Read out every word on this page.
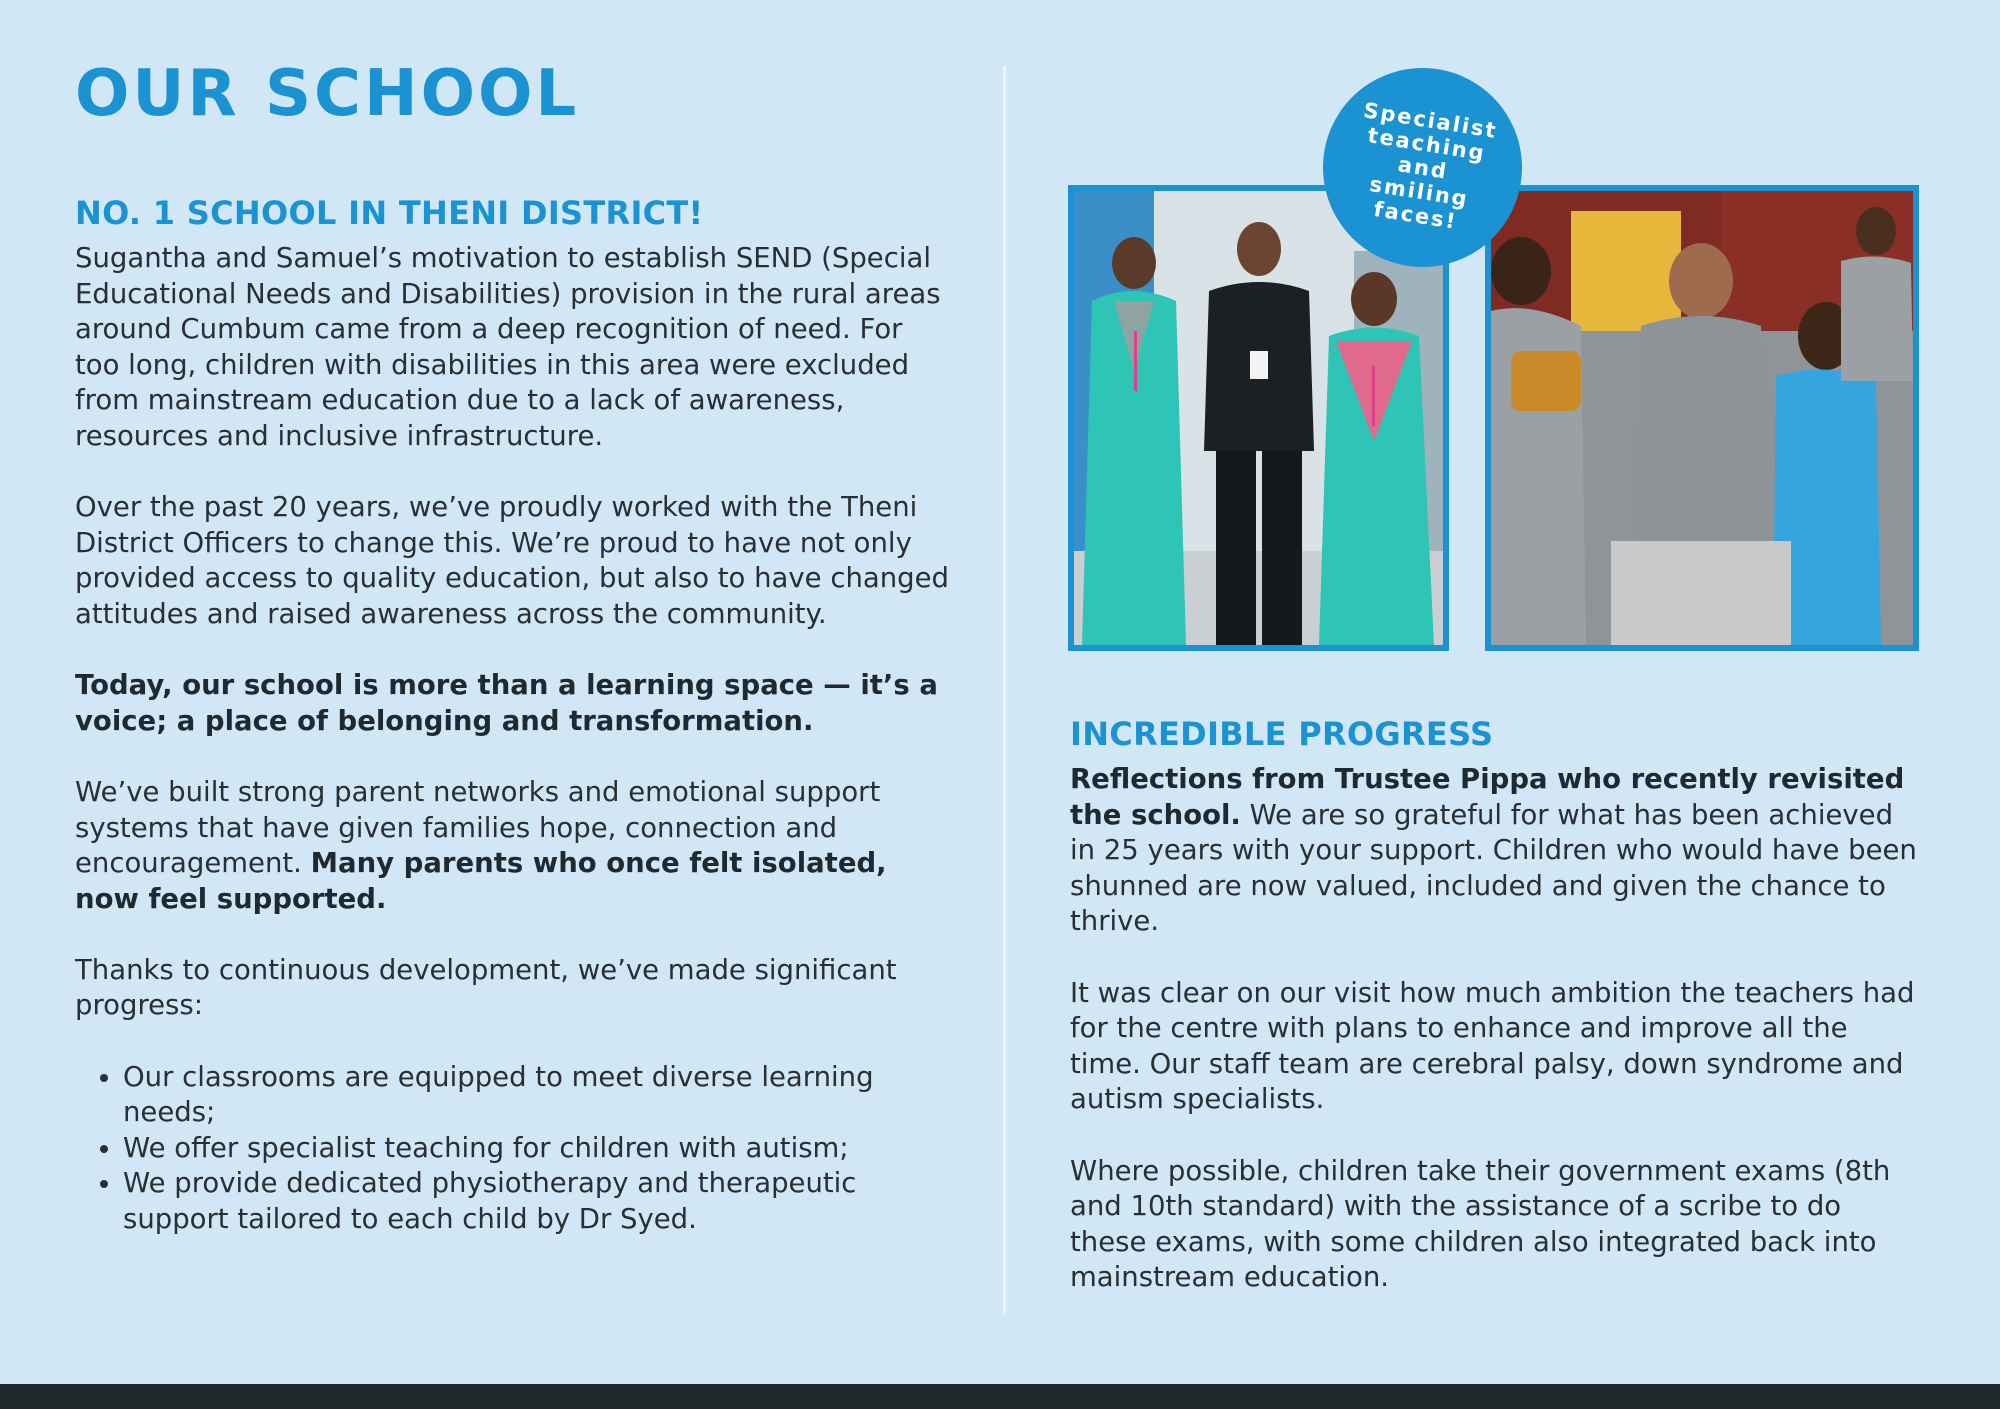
OUR SCHOOL
NO. 1 SCHOOL IN THENI DISTRICT!

Sugantha and Samuel’s motivation to establish SEND (Special Educational Needs and Disabilities) provision in the rural areas around Cumbum came from a deep recognition of need. For too long, children with disabilities in this area were excluded from mainstream education due to a lack of awareness, resources and inclusive infrastructure.

Over the past 20 years, we’ve proudly worked with the Theni District Officers to change this. We’re proud to have not only provided access to quality education, but also to have changed attitudes and raised awareness across the community.

Today, our school is more than a learning space — it’s a voice; a place of belonging and transformation.

We’ve built strong parent networks and emotional support systems that have given families hope, connection and encouragement. Many parents who once felt isolated, now feel supported.

Thanks to continuous development, we’ve made significant progress:

• Our classrooms are equipped to meet diverse learning needs;
• We offer specialist teaching for children with autism;
• We provide dedicated physiotherapy and therapeutic support tailored to each child by Dr Syed.
Specialist teaching and smiling faces!
INCREDIBLE PROGRESS

Reflections from Trustee Pippa who recently revisited the school. We are so grateful for what has been achieved in 25 years with your support. Children who would have been shunned are now valued, included and given the chance to thrive.

It was clear on our visit how much ambition the teachers had for the centre with plans to enhance and improve all the time. Our staff team are cerebral palsy, down syndrome and autism specialists.

Where possible, children take their government exams (8th and 10th standard) with the assistance of a scribe to do these exams, with some children also integrated back into mainstream education.
